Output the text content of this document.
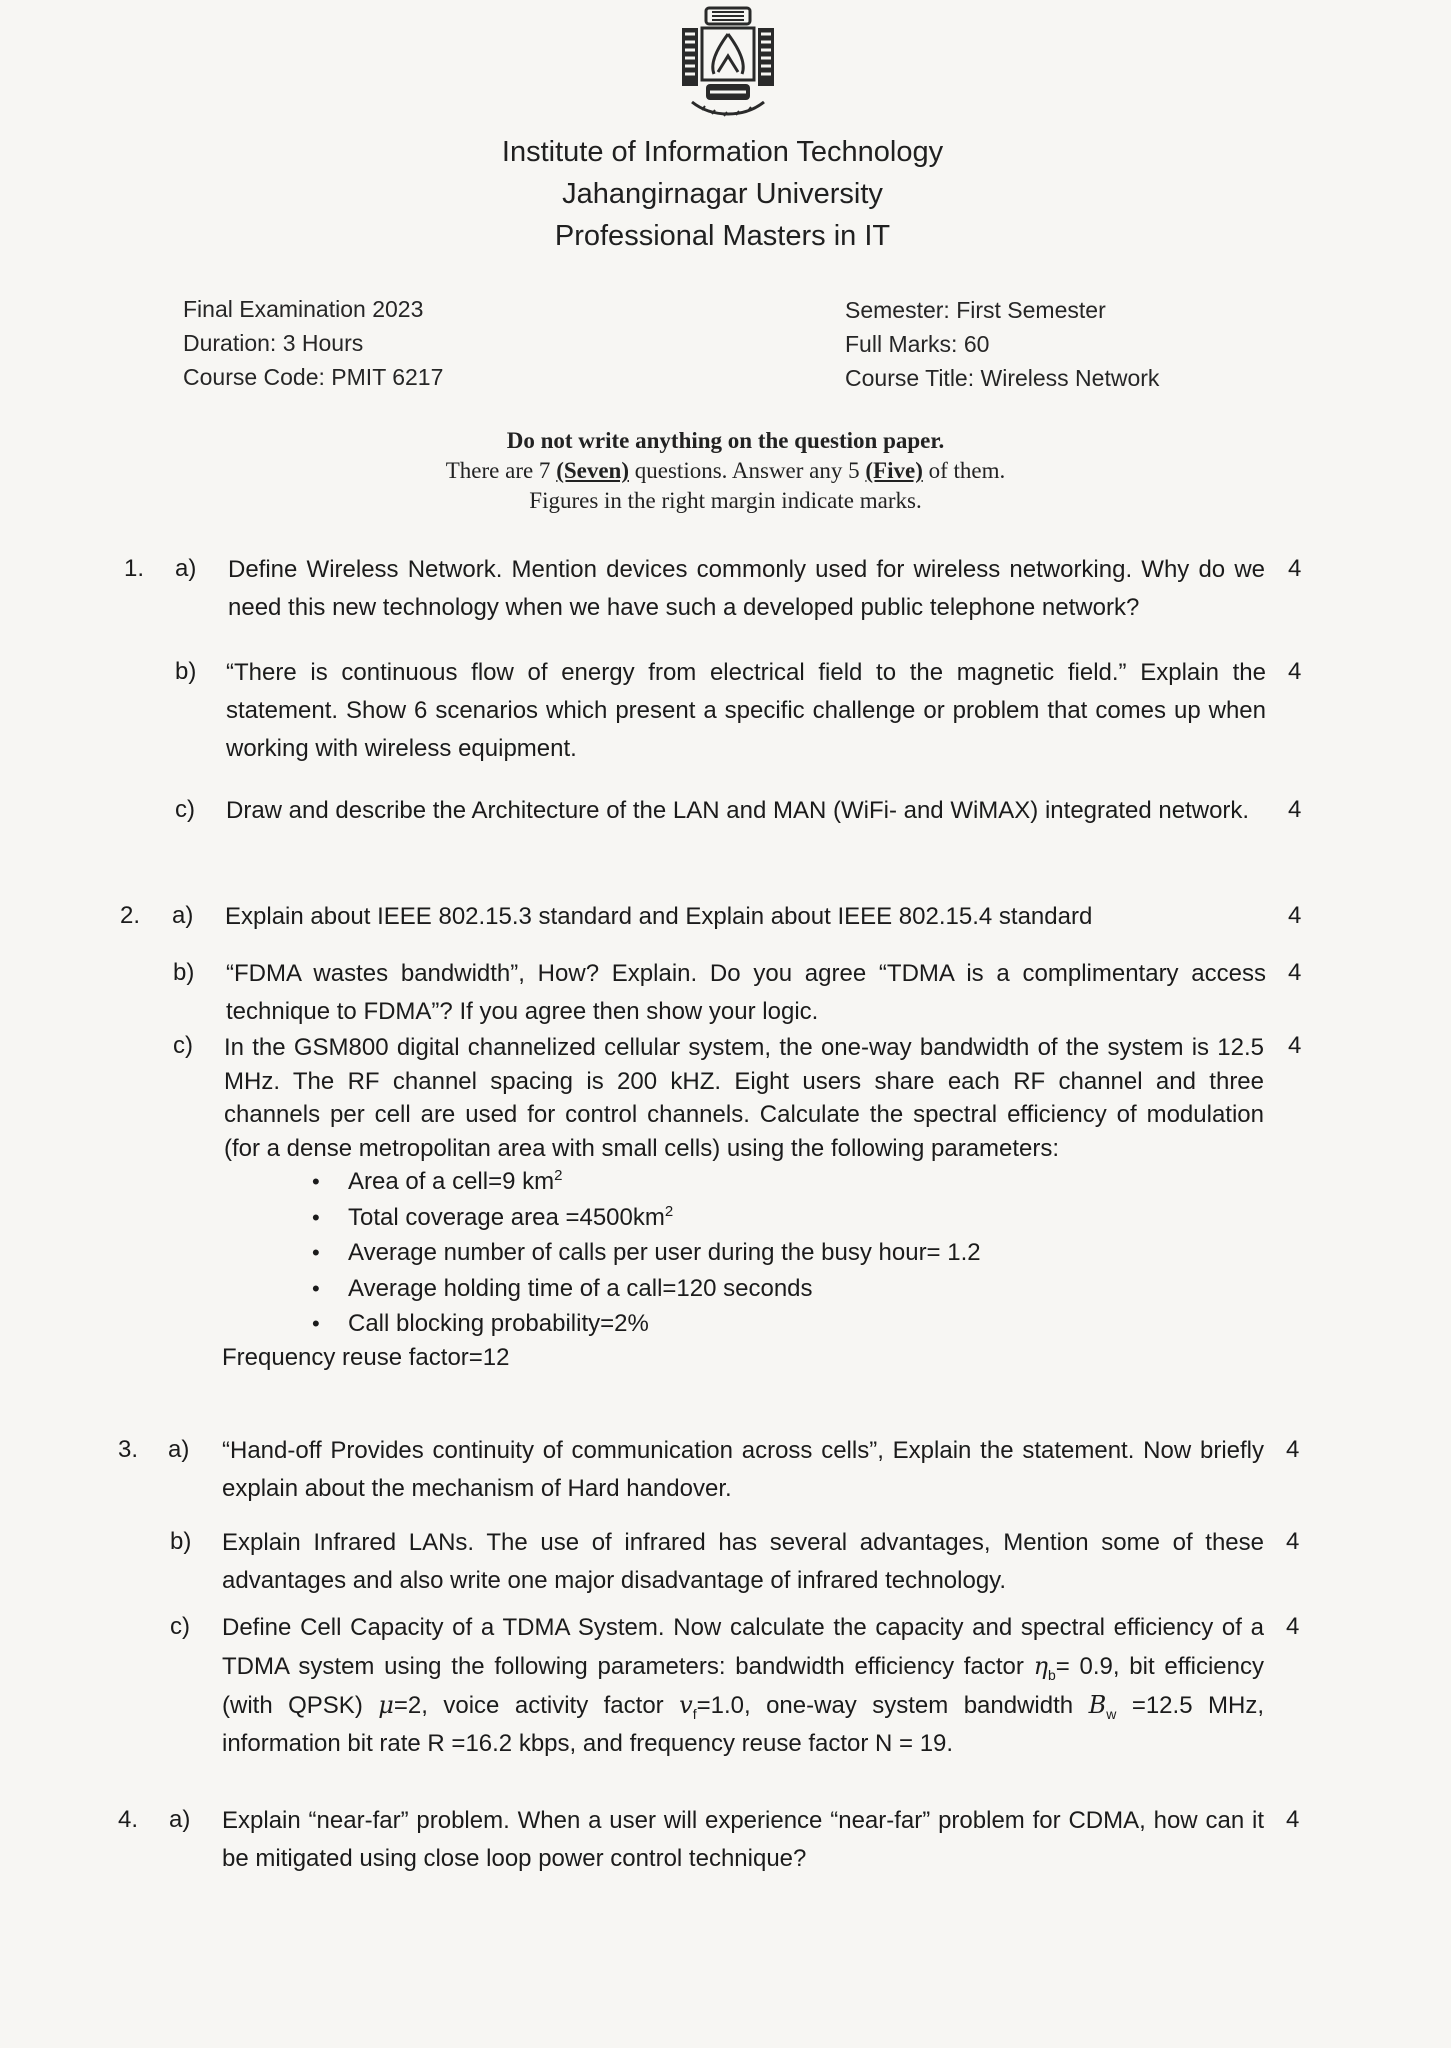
Institute of Information Technology
Jahangirnagar University
Professional Masters in IT
Final Examination 2023
Duration: 3 Hours
Course Code: PMIT 6217
Semester: First Semester
Full Marks: 60
Course Title: Wireless Network
Do not write anything on the question paper.
There are 7 (Seven) questions. Answer any 5 (Five) of them.
Figures in the right margin indicate marks.
1. a) Define Wireless Network. Mention devices commonly used for wireless networking. Why do we need this new technology when we have such a developed public telephone network?
4
b) “There is continuous flow of energy from electrical field to the magnetic field.” Explain the statement. Show 6 scenarios which present a specific challenge or problem that comes up when working with wireless equipment.
4
c) Draw and describe the Architecture of the LAN and MAN (WiFi- and WiMAX) integrated network.	4
2. a) Explain about IEEE 802.15.3 standard and Explain about IEEE 802.15.4 standard	4
b) “FDMA wastes bandwidth”, How? Explain. Do you agree “TDMA is a complimentary access technique to FDMA”? If you agree then show your logic.
4
c) In the GSM800 digital channelized cellular system, the one-way bandwidth of the system is 12.5 MHz. The RF channel spacing is 200 kHZ. Eight users share each RF channel and three channels per cell are used for control channels. Calculate the spectral efficiency of modulation (for a dense metropolitan area with small cells) using the following parameters:
4
• Area of a cell=9 $km^2$
• Total coverage area $=4500km^2$
• Average number of calls per user during the busy hour= 1.2
• Average holding time of a call=120 seconds
• Call blocking probability=2%
Frequency reuse factor=12
3. a) “Hand-off Provides continuity of communication across cells”, Explain the statement. Now briefly explain about the mechanism of Hard handover.
4
b) Explain Infrared LANs. The use of infrared has several advantages, Mention some of these advantages and also write one major disadvantage of infrared technology.
4
c) Define Cell Capacity of a TDMA System. Now calculate the capacity and spectral efficiency of a TDMA system using the following parameters: bandwidth efficiency factor $\eta_b= 0.9$, bit efficiency (with QPSK) μ=2, voice activity factor $v_f=1.0$, one-way system bandwidth $B_w =12.5$ MHz, information bit rate R =16.2 kbps, and frequency reuse factor N = 19.
4
4. a) Explain “near-far” problem. When a user will experience “near-far” problem for CDMA, how can it be mitigated using close loop power control technique?
4
